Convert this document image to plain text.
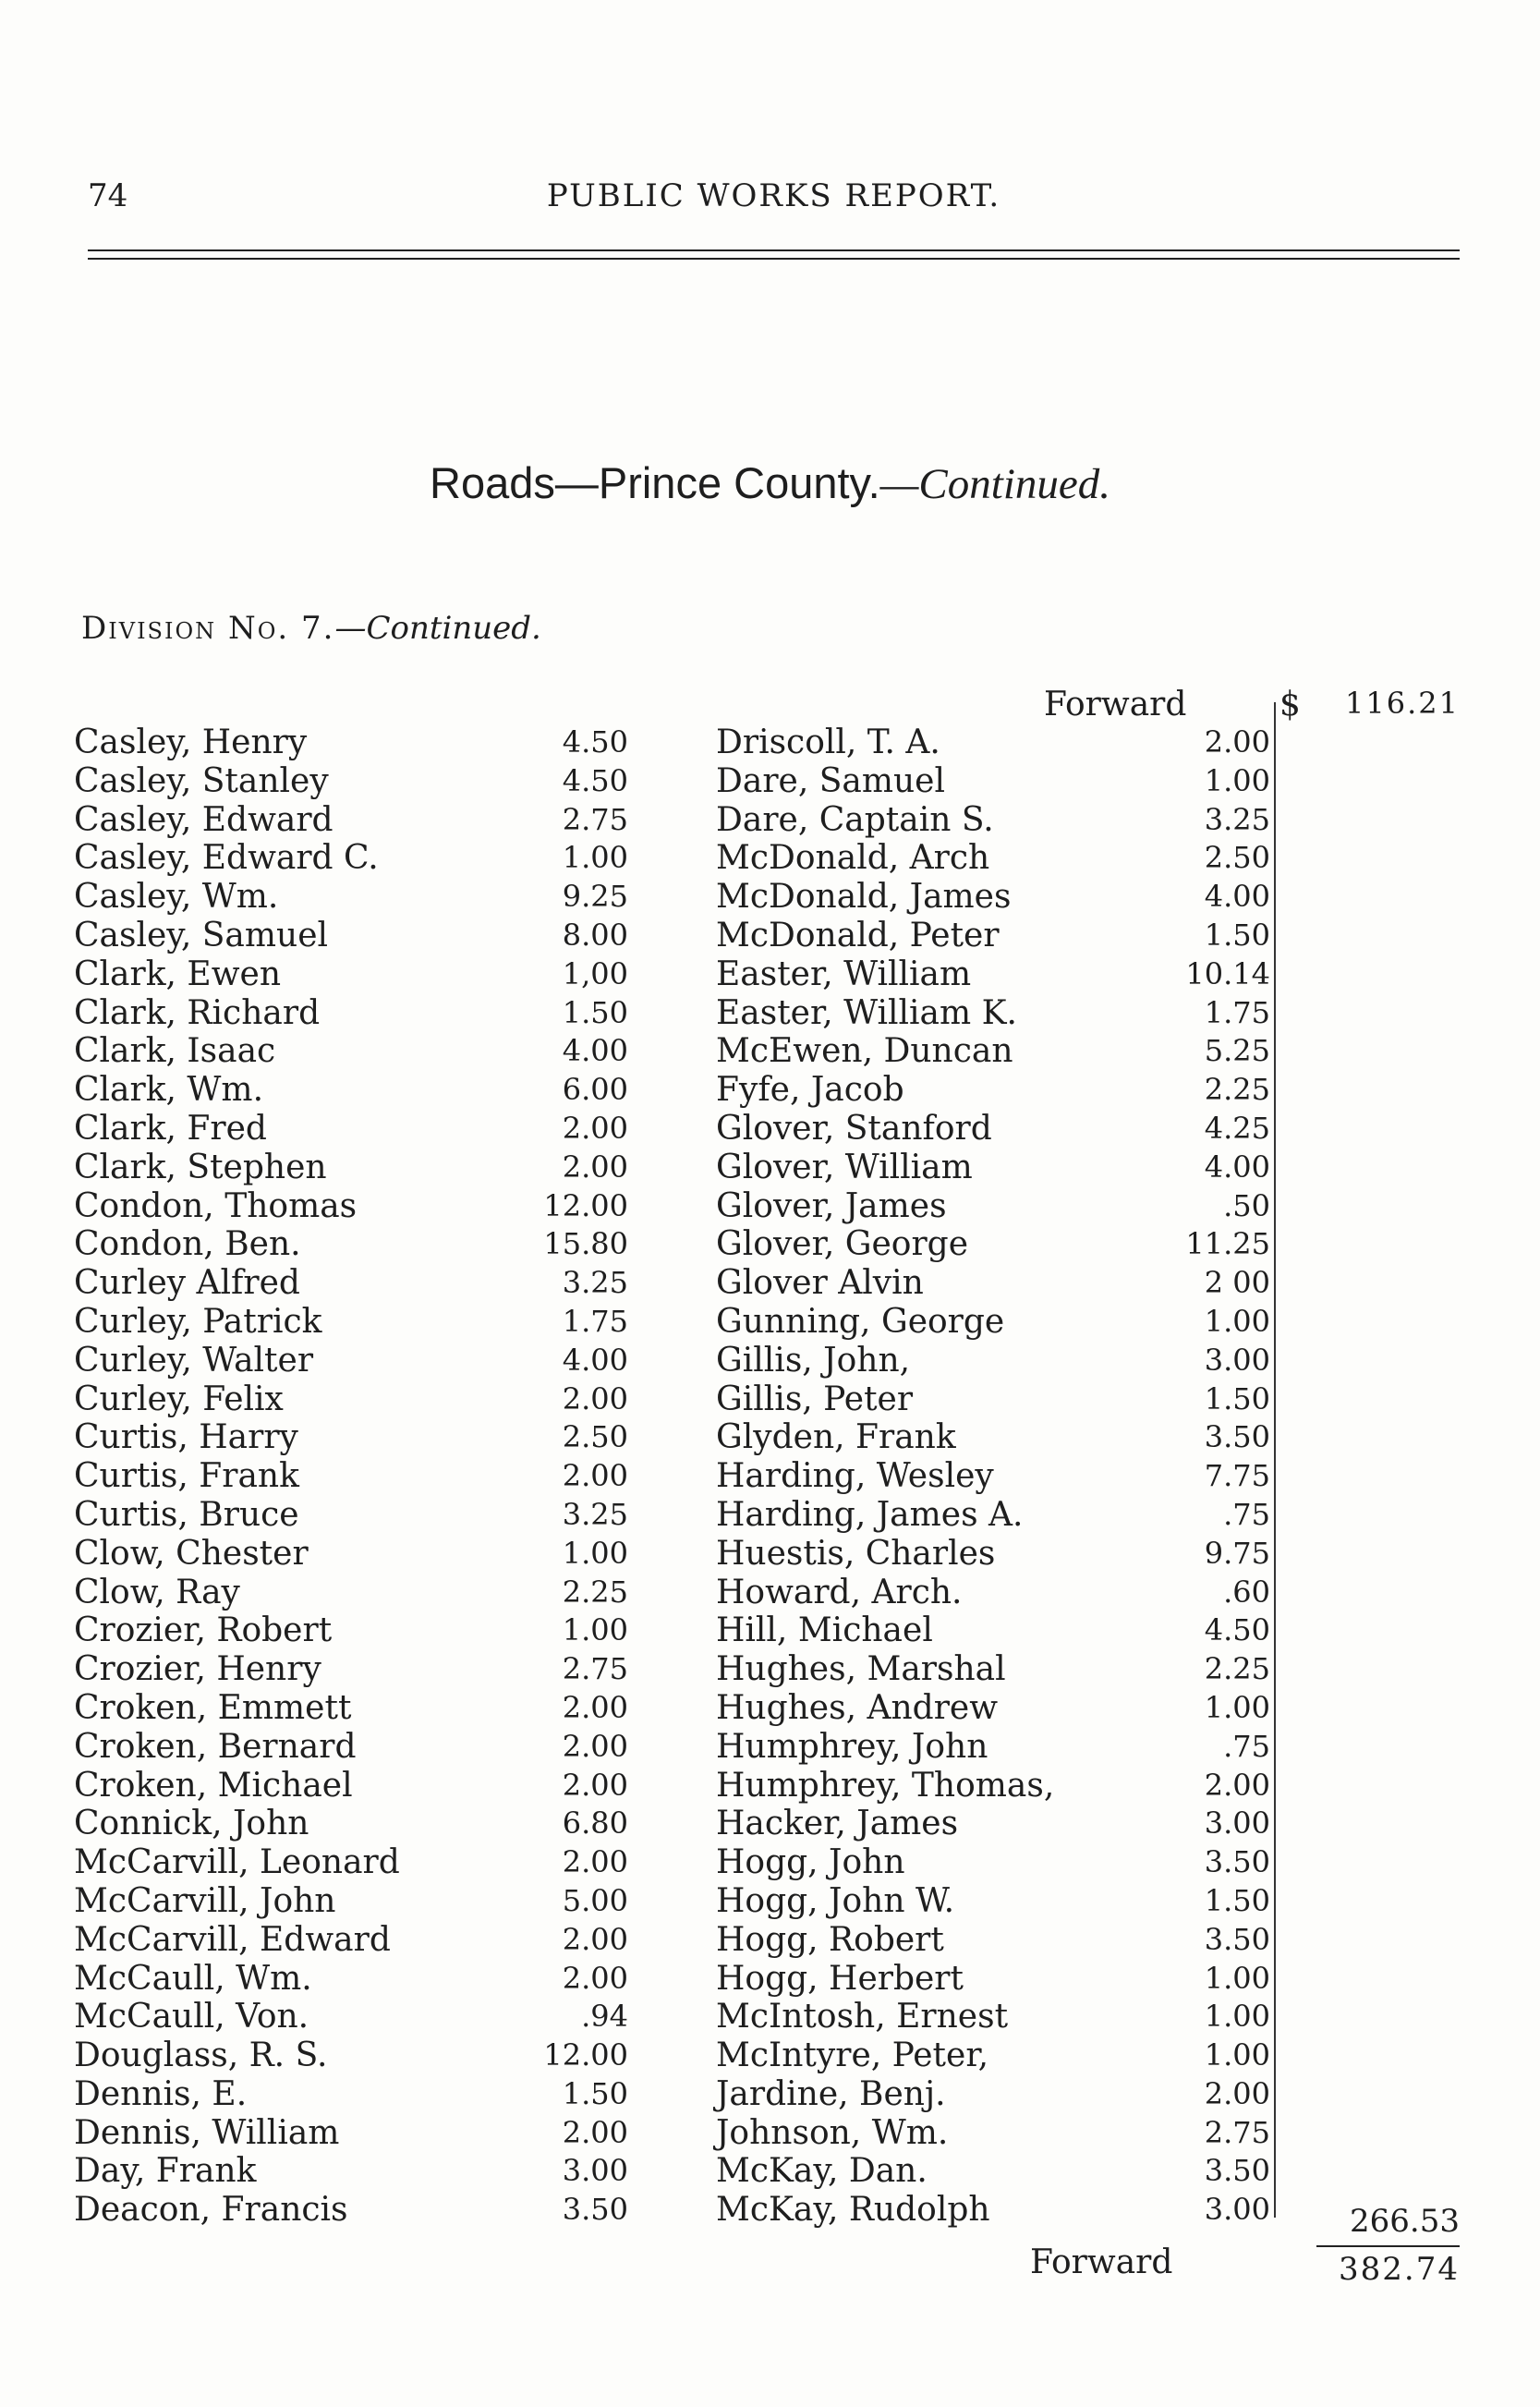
74	PUBLIC WORKS REPORT.
Roads—Prince County.—Continued.
Division No. 7.—Continued.
Forward	$	116.21
Casley, Henry	4.50
Casley, Stanley	4.50
Casley, Edward	2.75
Casley, Edward C.	1.00
Casley, Wm.	9.25
Casley, Samuel	8.00
Clark, Ewen	1,00
Clark, Richard	1.50
Clark, Isaac	4.00
Clark, Wm.	6.00
Clark, Fred	2.00
Clark, Stephen	2.00
Condon, Thomas	12.00
Condon, Ben.	15.80
Curley Alfred	3.25
Curley, Patrick	1.75
Curley, Walter	4.00
Curley, Felix	2.00
Curtis, Harry	2.50
Curtis, Frank	2.00
Curtis, Bruce	3.25
Clow, Chester	1.00
Clow, Ray	2.25
Crozier, Robert	1.00
Crozier, Henry	2.75
Croken, Emmett	2.00
Croken, Bernard	2.00
Croken, Michael	2.00
Connick, John	6.80
McCarvill, Leonard	2.00
McCarvill, John	5.00
McCarvill, Edward	2.00
McCaull, Wm.	2.00
McCaull, Von.	.94
Douglass, R. S.	12.00
Dennis, E.	1.50
Dennis, William	2.00
Day, Frank	3.00
Deacon, Francis	3.50
Driscoll, T. A.	2.00
Dare, Samuel	1.00
Dare, Captain S.	3.25
McDonald, Arch	2.50
McDonald, James	4.00
McDonald, Peter	1.50
Easter, William	10.14
Easter, William K.	1.75
McEwen, Duncan	5.25
Fyfe, Jacob	2.25
Glover, Stanford	4.25
Glover, William	4.00
Glover, James	.50
Glover, George	11.25
Glover Alvin	2 00
Gunning, George	1.00
Gillis, John,	3.00
Gillis, Peter	1.50
Glyden, Frank	3.50
Harding, Wesley	7.75
Harding, James A.	.75
Huestis, Charles	9.75
Howard, Arch.	.60
Hill, Michael	4.50
Hughes, Marshal	2.25
Hughes, Andrew	1.00
Humphrey, John	.75
Humphrey, Thomas,	2.00
Hacker, James	3.00
Hogg, John	3.50
Hogg, John W.	1.50
Hogg, Robert	3.50
Hogg, Herbert	1.00
McIntosh, Ernest	1.00
McIntyre, Peter,	1.00
Jardine, Benj.	2.00
Johnson, Wm.	2.75
McKay, Dan.	3.50
McKay, Rudolph	3.00	266.53
Forward	382.74
